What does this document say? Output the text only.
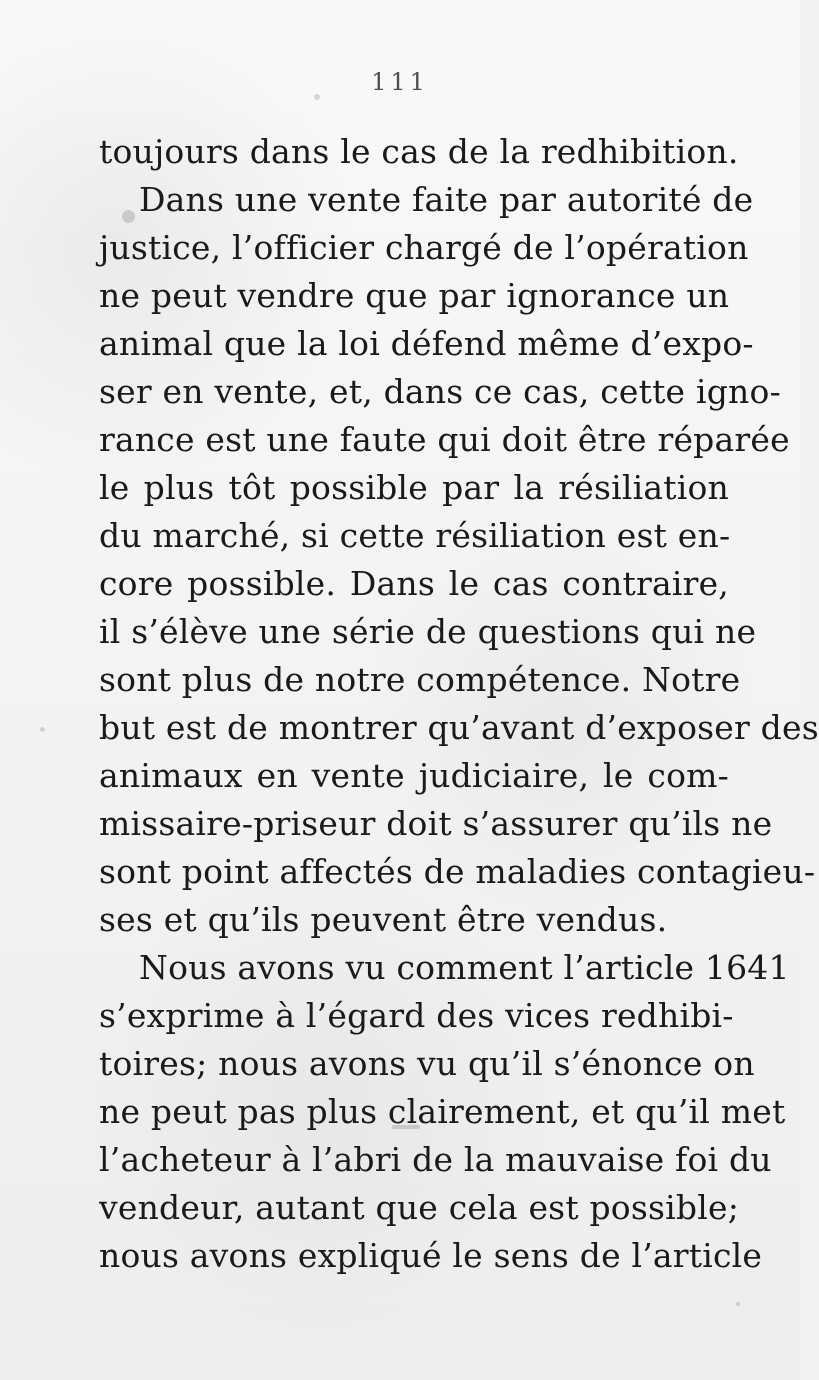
111
toujours dans le cas de la redhibition.
Dans une vente faite par autorité de
justice, l’officier chargé de l’opération
ne peut vendre que par ignorance un
animal que la loi défend même d’expo-
ser en vente, et, dans ce cas, cette igno-
rance est une faute qui doit être réparée
le plus tôt possible par la résiliation
du marché, si cette résiliation est en-
core possible. Dans le cas contraire,
il s’élève une série de questions qui ne
sont plus de notre compétence. Notre
but est de montrer qu’avant d’exposer des
animaux en vente judiciaire, le com-
missaire-priseur doit s’assurer qu’ils ne
sont point affectés de maladies contagieu-
ses et qu’ils peuvent être vendus.
Nous avons vu comment l’article 1641
s’exprime à l’égard des vices redhibi-
toires; nous avons vu qu’il s’énonce on
ne peut pas plus clairement, et qu’il met
l’acheteur à l’abri de la mauvaise foi du
vendeur, autant que cela est possible;
nous avons expliqué le sens de l’article
